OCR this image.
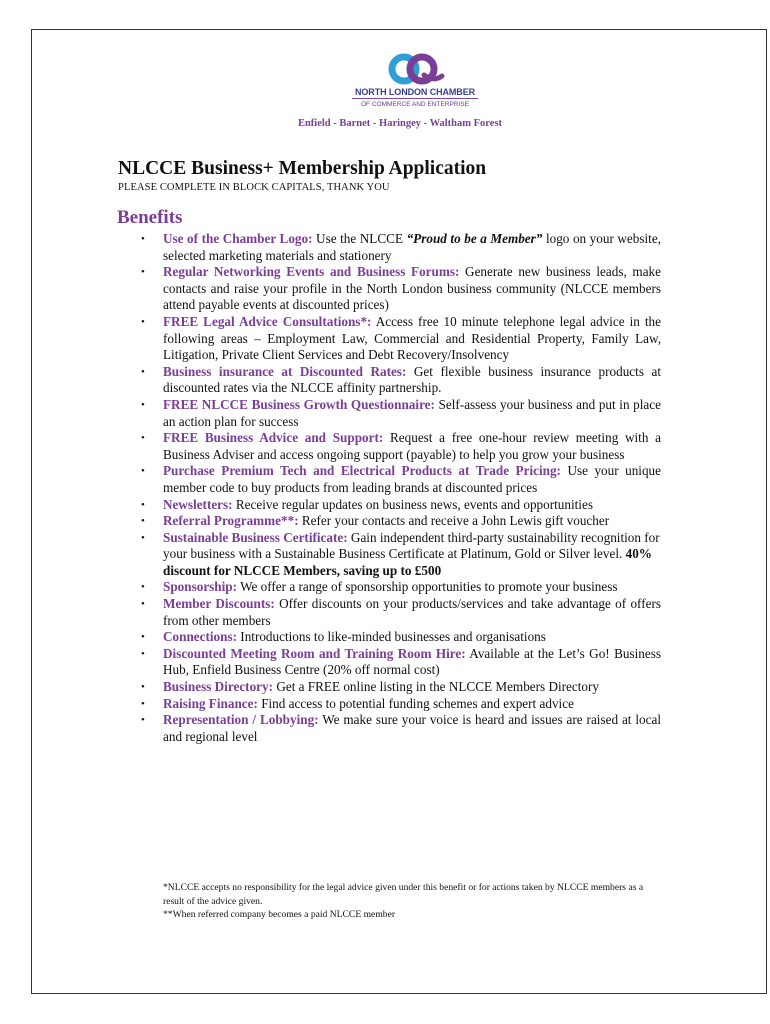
NORTH LONDON CHAMBER
OF COMMERCE AND ENTERPRISE
Enfield - Barnet - Haringey - Waltham Forest
NLCCE Business+ Membership Application
PLEASE COMPLETE IN BLOCK CAPITALS, THANK YOU
Benefits
• Use of the Chamber Logo: Use the NLCCE “Proud to be a Member” logo on your website, selected marketing materials and stationery
• Regular Networking Events and Business Forums: Generate new business leads, make contacts and raise your profile in the North London business community (NLCCE members attend payable events at discounted prices)
• FREE Legal Advice Consultations*: Access free 10 minute telephone legal advice in the following areas – Employment Law, Commercial and Residential Property, Family Law, Litigation, Private Client Services and Debt Recovery/Insolvency
• Business insurance at Discounted Rates: Get flexible business insurance products at discounted rates via the NLCCE affinity partnership.
• FREE NLCCE Business Growth Questionnaire: Self-assess your business and put in place an action plan for success
• FREE Business Advice and Support: Request a free one-hour review meeting with a Business Adviser and access ongoing support (payable) to help you grow your business
• Purchase Premium Tech and Electrical Products at Trade Pricing: Use your unique member code to buy products from leading brands at discounted prices
• Newsletters: Receive regular updates on business news, events and opportunities
• Referral Programme**: Refer your contacts and receive a John Lewis gift voucher
• Sustainable Business Certificate: Gain independent third-party sustainability recognition for your business with a Sustainable Business Certificate at Platinum, Gold or Silver level. 40% discount for NLCCE Members, saving up to £500
• Sponsorship: We offer a range of sponsorship opportunities to promote your business
• Member Discounts: Offer discounts on your products/services and take advantage of offers from other members
• Connections: Introductions to like-minded businesses and organisations
• Discounted Meeting Room and Training Room Hire: Available at the Let’s Go! Business Hub, Enfield Business Centre (20% off normal cost)
• Business Directory: Get a FREE online listing in the NLCCE Members Directory
• Raising Finance: Find access to potential funding schemes and expert advice
• Representation / Lobbying: We make sure your voice is heard and issues are raised at local and regional level
*NLCCE accepts no responsibility for the legal advice given under this benefit or for actions taken by NLCCE members as a result of the advice given.
**When referred company becomes a paid NLCCE member
